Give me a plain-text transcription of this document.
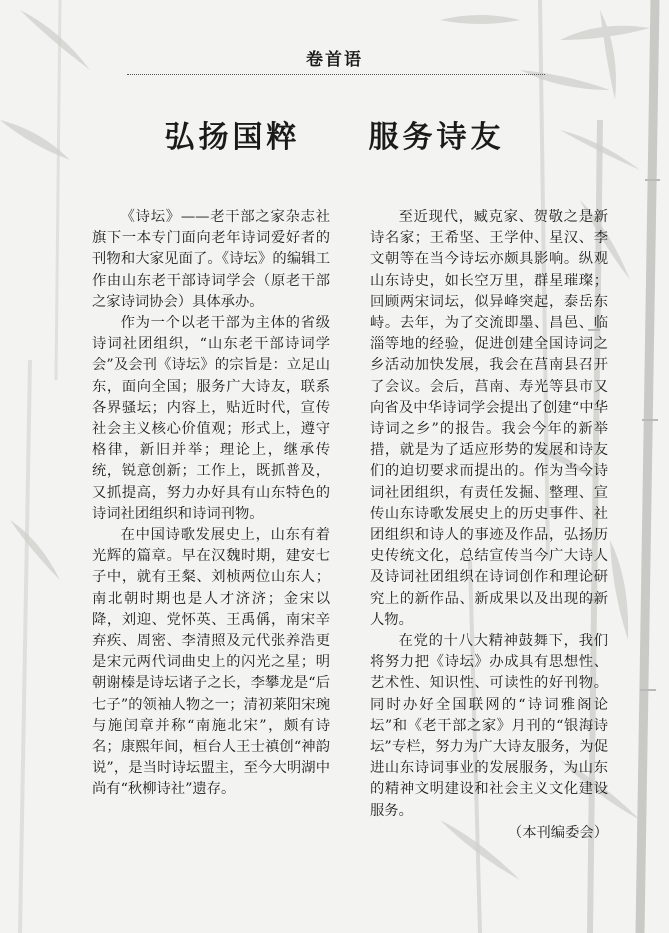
卷首语
弘扬国粹　　服务诗友

《诗坛》——老干部之家杂志社旗下一本专门面向老年诗词爱好者的刊物和大家见面了。《诗坛》的编辑工作由山东老干部诗词学会（原老干部之家诗词协会）具体承办。

作为一个以老干部为主体的省级诗词社团组织，“山东老干部诗词学会”及会刊《诗坛》的宗旨是：立足山东，面向全国；服务广大诗友，联系各界骚坛；内容上，贴近时代，宣传社会主义核心价值观；形式上，遵守格律，新旧并举；理论上，继承传统，锐意创新；工作上，既抓普及，又抓提高，努力办好具有山东特色的诗词社团组织和诗词刊物。

在中国诗歌发展史上，山东有着光辉的篇章。早在汉魏时期，建安七子中，就有王粲、刘桢两位山东人；南北朝时期也是人才济济；金宋以降，刘迎、党怀英、王禹偁，南宋辛弃疾、周密、李清照及元代张养浩更是宋元两代词曲史上的闪光之星；明朝谢榛是诗坛诸子之长，李攀龙是“后七子”的领袖人物之一；清初莱阳宋琬与施闰章并称“南施北宋”，颇有诗名；康熙年间，桓台人王士禛创“神韵说”，是当时诗坛盟主，至今大明湖中尚有“秋柳诗社”遗存。

至近现代，臧克家、贺敬之是新诗名家；王希坚、王学仲、星汉、李文朝等在当今诗坛亦颇具影响。纵观山东诗史，如长空万里，群星璀璨；回顾两宋词坛，似异峰突起，泰岳东峙。去年，为了交流即墨、昌邑、临淄等地的经验，促进创建全国诗词之乡活动加快发展，我会在莒南县召开了会议。会后，莒南、寿光等县市又向省及中华诗词学会提出了创建“中华诗词之乡”的报告。我会今年的新举措，就是为了适应形势的发展和诗友们的迫切要求而提出的。作为当今诗词社团组织，有责任发掘、整理、宣传山东诗歌发展史上的历史事件、社团组织和诗人的事迹及作品，弘扬历史传统文化，总结宣传当今广大诗人及诗词社团组织在诗词创作和理论研究上的新作品、新成果以及出现的新人物。

在党的十八大精神鼓舞下，我们将努力把《诗坛》办成具有思想性、艺术性、知识性、可读性的好刊物。同时办好全国联网的“诗词雅阁论坛”和《老干部之家》月刊的“银海诗坛”专栏，努力为广大诗友服务，为促进山东诗词事业的发展服务，为山东的精神文明建设和社会主义文化建设服务。

（本刊编委会）
